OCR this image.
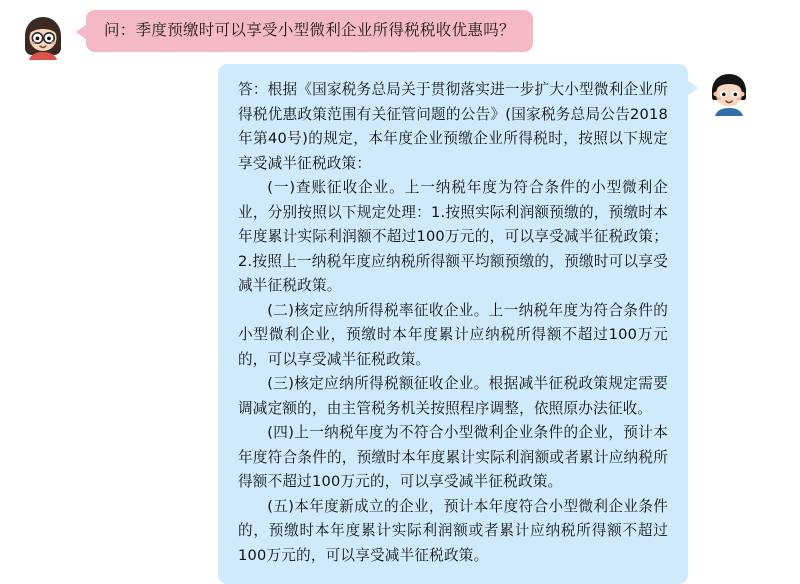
问：季度预缴时可以享受小型微利企业所得税税收优惠吗？

答：根据《国家税务总局关于贯彻落实进一步扩大小型微利企业所得税优惠政策范围有关征管问题的公告》(国家税务总局公告2018年第40号)的规定，本年度企业预缴企业所得税时，按照以下规定享受减半征税政策：

(一)查账征收企业。上一纳税年度为符合条件的小型微利企业，分别按照以下规定处理：1.按照实际利润额预缴的，预缴时本年度累计实际利润额不超过100万元的，可以享受减半征税政策；2.按照上一纳税年度应纳税所得额平均额预缴的，预缴时可以享受减半征税政策。

(二)核定应纳所得税率征收企业。上一纳税年度为符合条件的小型微利企业，预缴时本年度累计应纳税所得额不超过100万元的，可以享受减半征税政策。

(三)核定应纳所得税额征收企业。根据减半征税政策规定需要调减定额的，由主管税务机关按照程序调整，依照原办法征收。

(四)上一纳税年度为不符合小型微利企业条件的企业，预计本年度符合条件的，预缴时本年度累计实际利润额或者累计应纳税所得额不超过100万元的，可以享受减半征税政策。

(五)本年度新成立的企业，预计本年度符合小型微利企业条件的，预缴时本年度累计实际利润额或者累计应纳税所得额不超过100万元的，可以享受减半征税政策。
